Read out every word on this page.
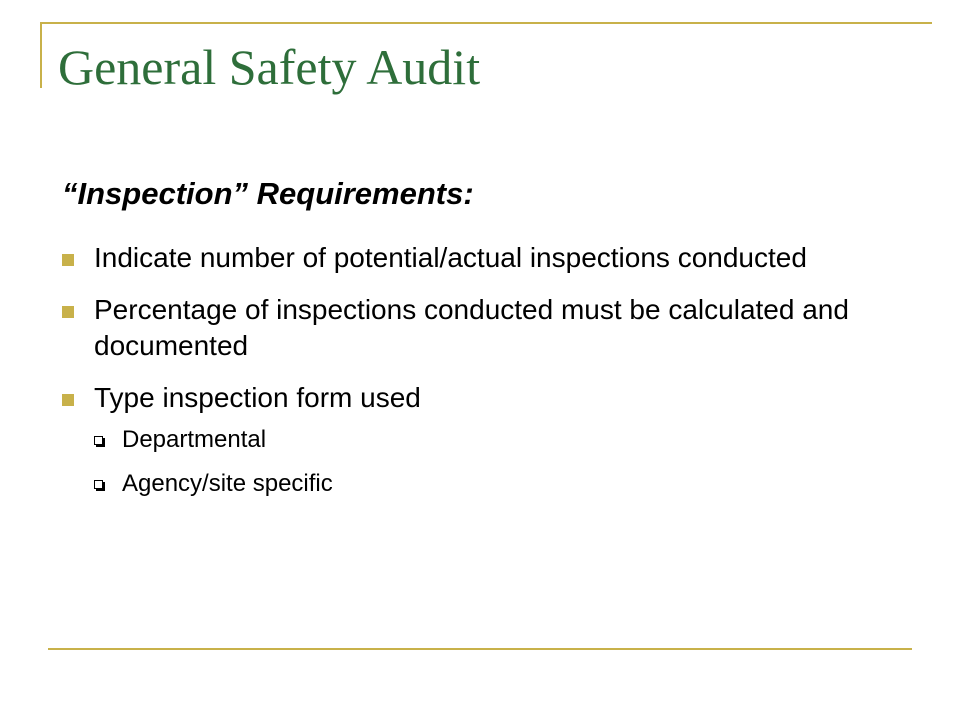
General Safety Audit
“Inspection” Requirements:
Indicate number of potential/actual inspections conducted
Percentage of inspections conducted must be calculated and documented
Type inspection form used
Departmental
Agency/site specific
